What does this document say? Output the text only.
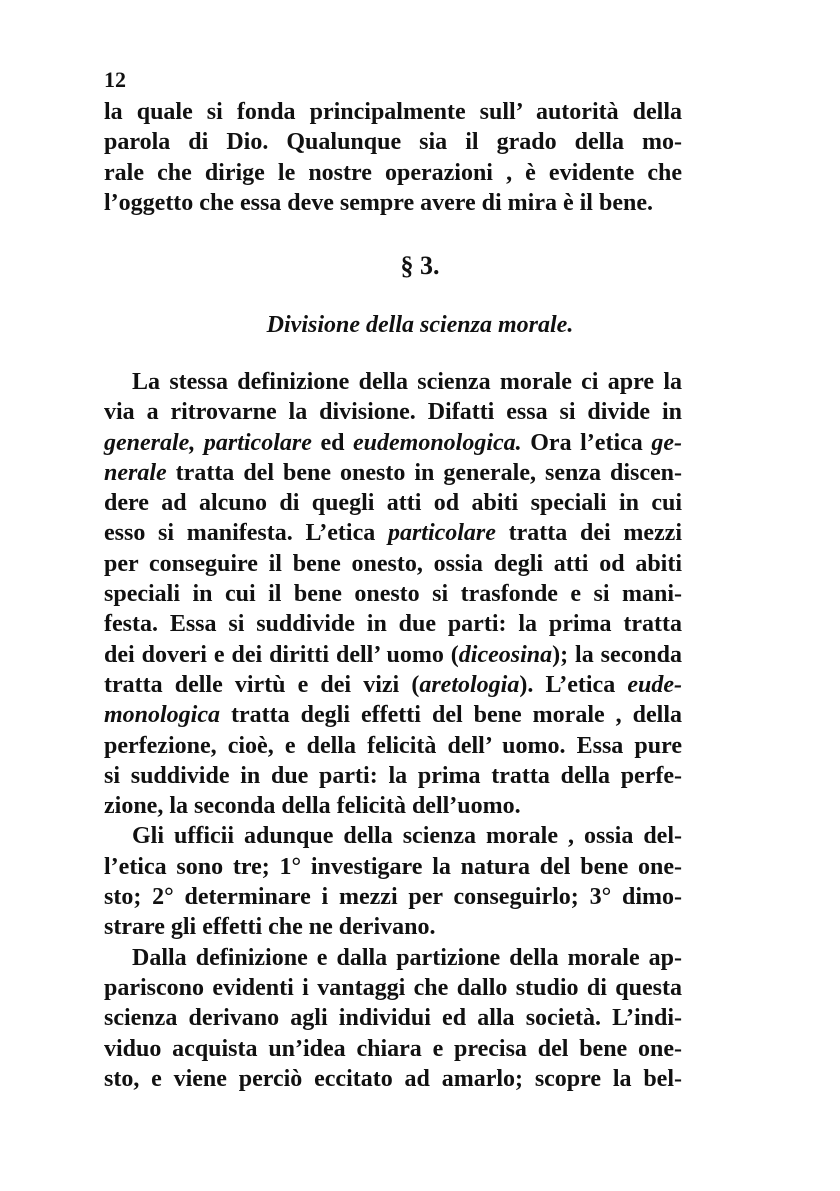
12
la quale si fonda principalmente sull’ autorità della
parola di Dio. Qualunque sia il grado della mo-
rale che dirige le nostre operazioni , è evidente che
l’oggetto che essa deve sempre avere di mira è il bene.
§ 3.
Divisione della scienza morale.
La stessa definizione della scienza morale ci apre la
via a ritrovarne la divisione. Difatti essa si divide in
generale, particolare ed eudemonologica. Ora l’etica ge-
nerale tratta del bene onesto in generale, senza discen-
dere ad alcuno di quegli atti od abiti speciali in cui
esso si manifesta. L’etica particolare tratta dei mezzi
per conseguire il bene onesto, ossia degli atti od abiti
speciali in cui il bene onesto si trasfonde e si mani-
festa. Essa si suddivide in due parti: la prima tratta
dei doveri e dei diritti dell’ uomo (diceosina); la seconda
tratta delle virtù e dei vizi (aretologia). L’etica eude-
monologica tratta degli effetti del bene morale , della
perfezione, cioè, e della felicità dell’ uomo. Essa pure
si suddivide in due parti: la prima tratta della perfe-
zione, la seconda della felicità dell’uomo.
Gli ufficii adunque della scienza morale , ossia del-
l’etica sono tre; 1° investigare la natura del bene one-
sto; 2° determinare i mezzi per conseguirlo; 3° dimo-
strare gli effetti che ne derivano.
Dalla definizione e dalla partizione della morale ap-
pariscono evidenti i vantaggi che dallo studio di questa
scienza derivano agli individui ed alla società. L’indi-
viduo acquista un’idea chiara e precisa del bene one-
sto, e viene perciò eccitato ad amarlo; scopre la bel-
